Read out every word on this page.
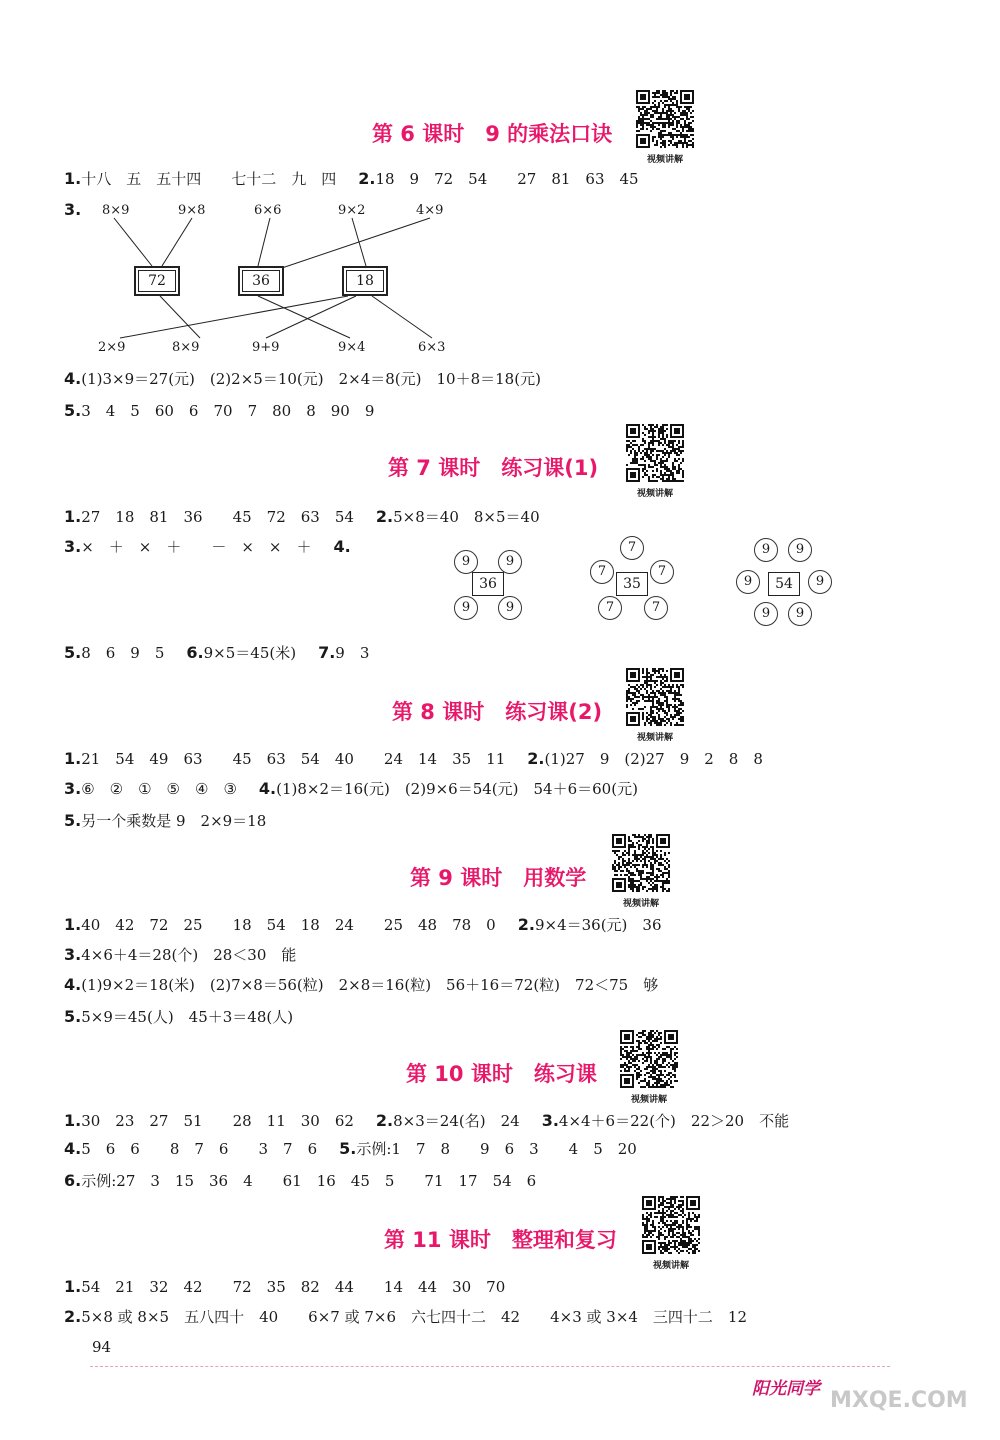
第 6 课时　9 的乘法口诀
视频讲解
1.十八　五　五十四　　七十二　九　四 2.18　9　72　54　　27　81　63　45
3. 8×9	9×8	6×6	9×2	4×9
72	36	18
2×9	8×9	9+9	9×4	6×3
4.(1)3×9＝27(元)　(2)2×5＝10(元)　2×4＝8(元)　10＋8＝18(元)
5.3　4　5　60　6　70　7　80　8　90　9
第 7 课时　练习课(1)
视频讲解
1.27　18　81　36　　45　72　63　54 2.5×8＝40　8×5＝40
3.×　＋　×　＋　　－　×　×　＋ 4.
36
9	9
9	9
35
7
7	7
7	7
54
9	9
9	9
9	9
5.8　6　9　5 6.9×5＝45(米) 7.9　3
第 8 课时　练习课(2)
视频讲解
1.21　54　49　63　　45　63　54　40　　24　14　35　11 2.(1)27　9　(2)27　9　2　8　8
3.⑥　②　①　⑤　④　③ 4.(1)8×2＝16(元)　(2)9×6＝54(元)　54＋6＝60(元)
5.另一个乘数是 9　2×9＝18
第 9 课时　用数学
视频讲解
1.40　42　72　25　　18　54　18　24　　25　48　78　0 2.9×4＝36(元)　36
3.4×6＋4＝28(个)　28＜30　能
4.(1)9×2＝18(米)　(2)7×8＝56(粒)　2×8＝16(粒)　56＋16＝72(粒)　72＜75　够
5.5×9＝45(人)　45＋3＝48(人)
第 10 课时　练习课
视频讲解
1.30　23　27　51　　28　11　30　62 2.8×3＝24(名)　24 3.4×4＋6＝22(个)　22＞20　不能
4.5　6　6　　8　7　6　　3　7　6 5.示例:1　7　8　　9　6　3　　4　5　20
6.示例:27　3　15　36　4　　61　16　45　5　　71　17　54　6
第 11 课时　整理和复习
视频讲解
1.54　21　32　42　　72　35　82　44　　14　44　30　70
2.5×8 或 8×5　五八四十　40　　6×7 或 7×6　六七四十二　42　　4×3 或 3×4　三四十二　12
94
阳光同学 MXQE.COM
